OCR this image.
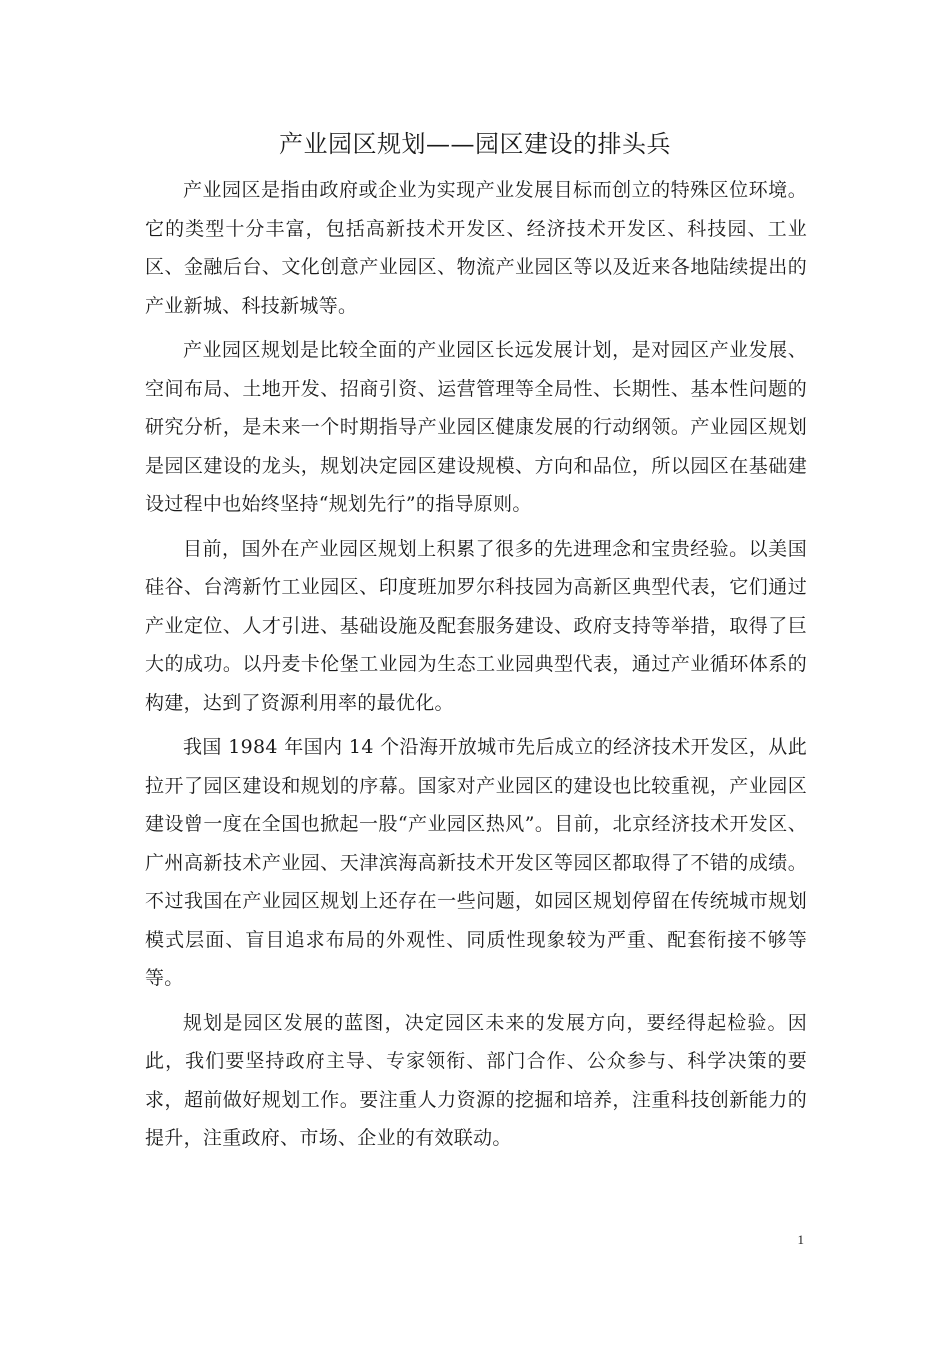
产业园区规划——园区建设的排头兵

产业园区是指由政府或企业为实现产业发展目标而创立的特殊区位环境。它的类型十分丰富，包括高新技术开发区、经济技术开发区、科技园、工业区、金融后台、文化创意产业园区、物流产业园区等以及近来各地陆续提出的产业新城、科技新城等。

产业园区规划是比较全面的产业园区长远发展计划，是对园区产业发展、空间布局、土地开发、招商引资、运营管理等全局性、长期性、基本性问题的研究分析，是未来一个时期指导产业园区健康发展的行动纲领。产业园区规划是园区建设的龙头，规划决定园区建设规模、方向和品位，所以园区在基础建设过程中也始终坚持“规划先行”的指导原则。

目前，国外在产业园区规划上积累了很多的先进理念和宝贵经验。以美国硅谷、台湾新竹工业园区、印度班加罗尔科技园为高新区典型代表，它们通过产业定位、人才引进、基础设施及配套服务建设、政府支持等举措，取得了巨大的成功。以丹麦卡伦堡工业园为生态工业园典型代表，通过产业循环体系的构建，达到了资源利用率的最优化。

我国 1984 年国内 14 个沿海开放城市先后成立的经济技术开发区，从此拉开了园区建设和规划的序幕。国家对产业园区的建设也比较重视，产业园区建设曾一度在全国也掀起一股“产业园区热风”。目前，北京经济技术开发区、广州高新技术产业园、天津滨海高新技术开发区等园区都取得了不错的成绩。不过我国在产业园区规划上还存在一些问题，如园区规划停留在传统城市规划模式层面、盲目追求布局的外观性、同质性现象较为严重、配套衔接不够等等。

规划是园区发展的蓝图，决定园区未来的发展方向，要经得起检验。因此，我们要坚持政府主导、专家领衔、部门合作、公众参与、科学决策的要求，超前做好规划工作。要注重人力资源的挖掘和培养，注重科技创新能力的提升，注重政府、市场、企业的有效联动。

1
